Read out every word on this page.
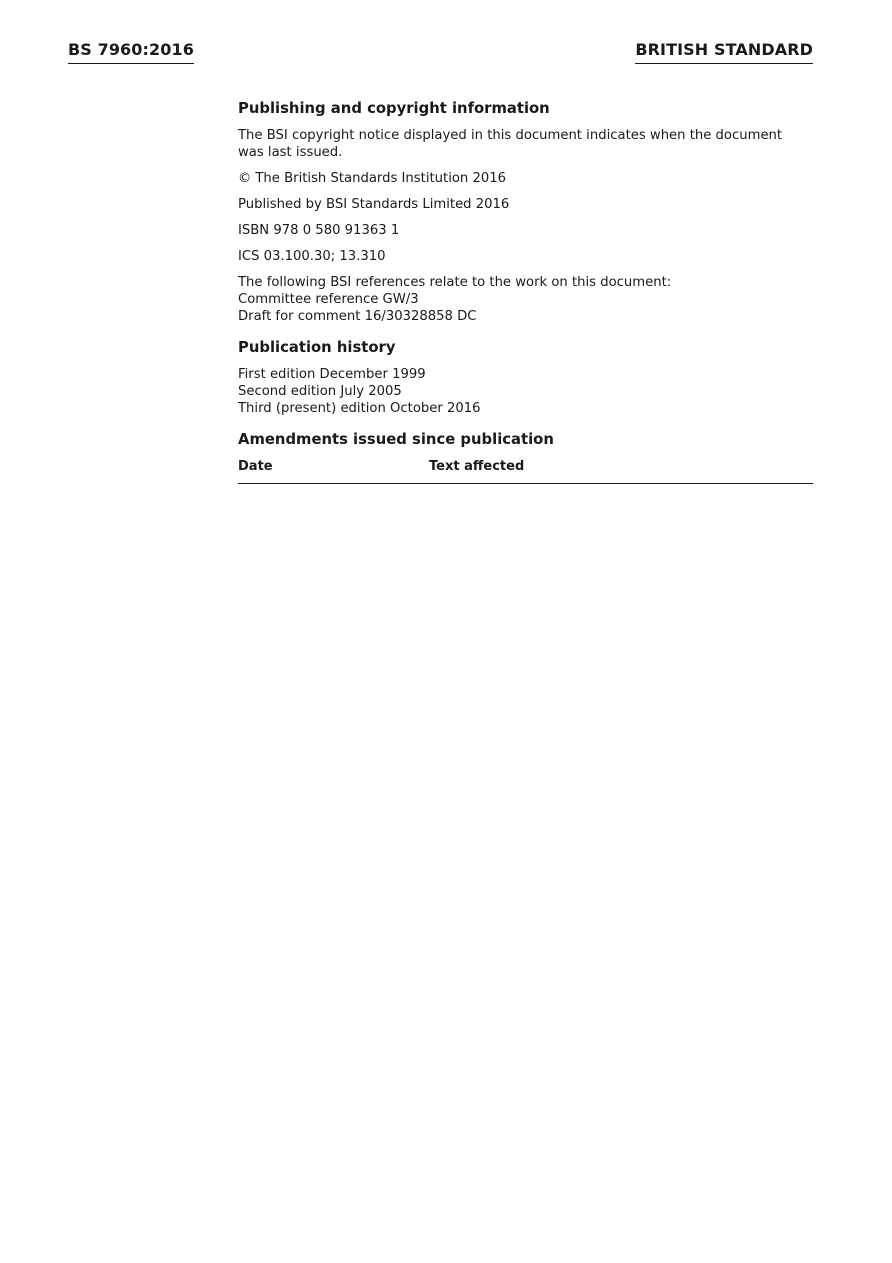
BS 7960:2016	BRITISH STANDARD
Publishing and copyright information
The BSI copyright notice displayed in this document indicates when the document
was last issued.
© The British Standards Institution 2016
Published by BSI Standards Limited 2016
ISBN 978 0 580 91363 1
ICS 03.100.30; 13.310
The following BSI references relate to the work on this document:
Committee reference GW/3
Draft for comment 16/30328858 DC
Publication history
First edition December 1999
Second edition July 2005
Third (present) edition October 2016
Amendments issued since publication
Date	Text affected
